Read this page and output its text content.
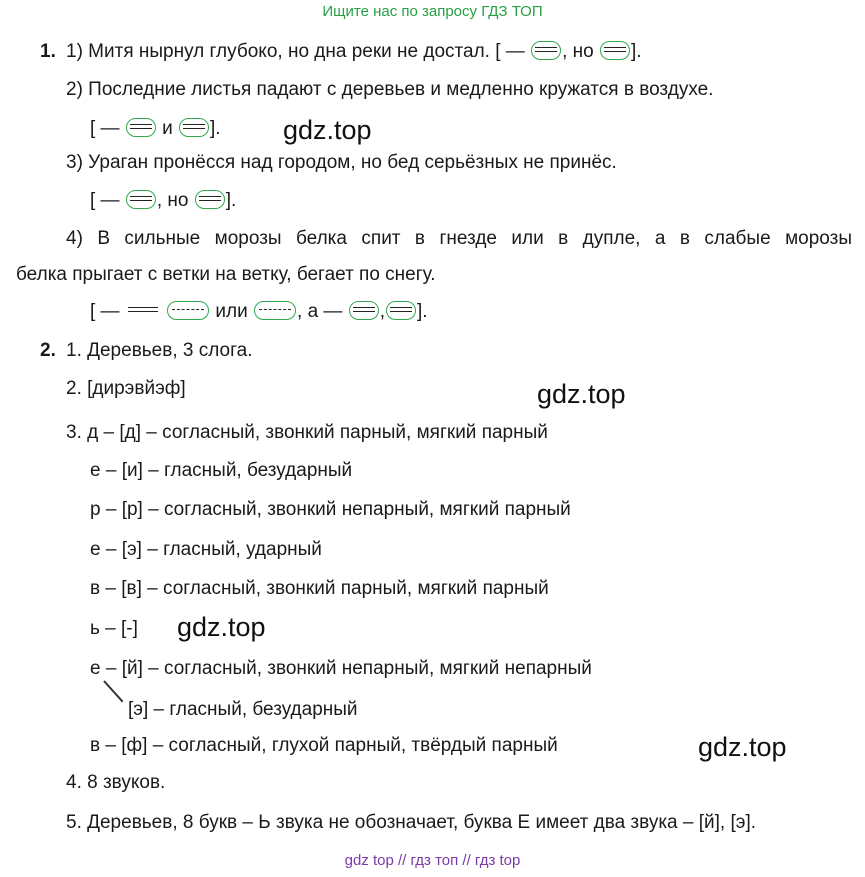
Ищите нас по запросу ГДЗ ТОП
1. 1) Митя нырнул глубоко, но дна реки не достал. [ — , но ].
2) Последние листья падают с деревьев и медленно кружатся в воздухе.
[ — и ]. gdz.top
3) Ураган пронёсся над городом, но бед серьёзных не принёс.
[ — , но ].
4) В сильные морозы белка спит в гнезде или в дупле, а в слабые морозы
белка прыгает с ветки на ветку, бегает по снегу.
[ —	или	, а — , ].
2. 1. Деревьев, 3 слога.
2. [дирэвйэф]	gdz.top
3. д – [д] – согласный, звонкий парный, мягкий парный
е – [и] – гласный, безударный
р – [р] – согласный, звонкий непарный, мягкий парный
е – [э] – гласный, ударный
в – [в] – согласный, звонкий парный, мягкий парный
ь – [-] gdz.top
е – [й] – согласный, звонкий непарный, мягкий непарный
[э] – гласный, безударный
в – [ф] – согласный, глухой парный, твёрдый парный	gdz.top
4. 8 звуков.
5. Деревьев, 8 букв – Ь звука не обозначает, буква Е имеет два звука – [й], [э].
gdz top // гдз топ // гдз top
